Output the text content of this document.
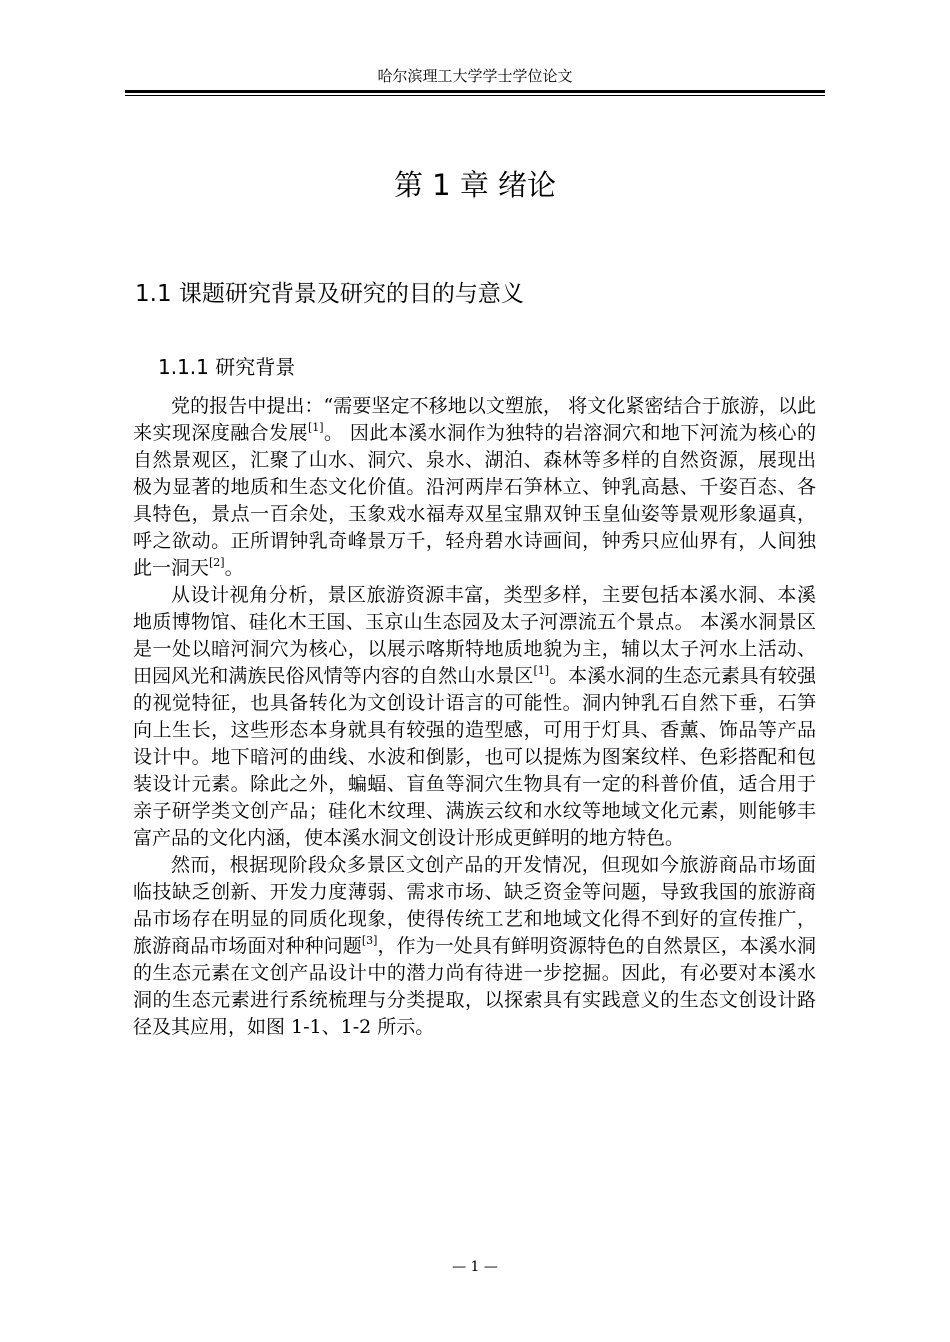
哈尔滨理工大学学士学位论文
第 1 章 绪论
1.1 课题研究背景及研究的目的与意义
1.1.1 研究背景

党的报告中提出：“需要坚定不移地以文塑旅， 将文化紧密结合于旅游，以此来实现深度融合发展[1]。 因此本溪水洞作为独特的岩溶洞穴和地下河流为核心的自然景观区，汇聚了山水、洞穴、泉水、湖泊、森林等多样的自然资源，展现出极为显著的地质和生态文化价值。沿河两岸石笋林立、钟乳高悬、千姿百态、各具特色，景点一百余处，玉象戏水福寿双星宝鼎双钟玉皇仙姿等景观形象逼真，呼之欲动。正所谓钟乳奇峰景万千，轻舟碧水诗画间，钟秀只应仙界有，人间独此一洞天[2]。

从设计视角分析，景区旅游资源丰富，类型多样，主要包括本溪水洞、本溪地质博物馆、硅化木王国、玉京山生态园及太子河漂流五个景点。 本溪水洞景区是一处以暗河洞穴为核心，以展示喀斯特地质地貌为主，辅以太子河水上活动、田园风光和满族民俗风情等内容的自然山水景区[1]。本溪水洞的生态元素具有较强的视觉特征，也具备转化为文创设计语言的可能性。洞内钟乳石自然下垂，石笋向上生长，这些形态本身就具有较强的造型感，可用于灯具、香薰、饰品等产品设计中。地下暗河的曲线、水波和倒影，也可以提炼为图案纹样、色彩搭配和包装设计元素。除此之外，蝙蝠、盲鱼等洞穴生物具有一定的科普价值，适合用于亲子研学类文创产品；硅化木纹理、满族云纹和水纹等地域文化元素，则能够丰富产品的文化内涵，使本溪水洞文创设计形成更鲜明的地方特色。

然而，根据现阶段众多景区文创产品的开发情况，但现如今旅游商品市场面临技缺乏创新、开发力度薄弱、需求市场、缺乏资金等问题，导致我国的旅游商品市场存在明显的同质化现象，使得传统工艺和地域文化得不到好的宣传推广，旅游商品市场面对种种问题[3]，作为一处具有鲜明资源特色的自然景区，本溪水洞的生态元素在文创产品设计中的潜力尚有待进一步挖掘。因此，有必要对本溪水洞的生态元素进行系统梳理与分类提取，以探索具有实践意义的生态文创设计路径及其应用，如图 1-1、1-2 所示。

— 1 —
